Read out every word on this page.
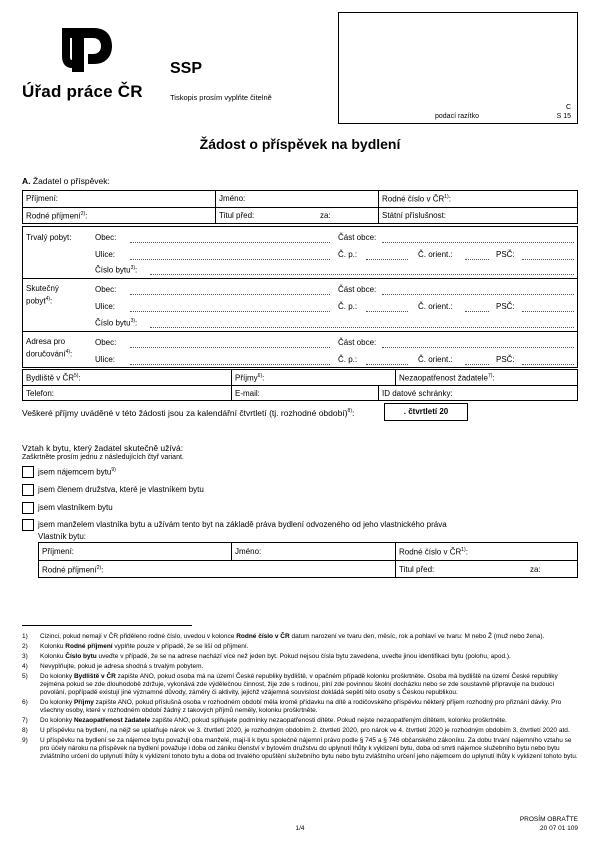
Úřad práce ČR
SSP
Tiskopis prosím vyplňte čitelně
podací razítko
C
S 15
Žádost o příspěvek na bydlení
A. Žadatel o příspěvek:
Příjmení:	Jméno:	Rodné číslo v ČR$^{1)}$:
Rodné příjmení$^{2)}$:	Titul před:	za:	Státní příslušnost:
Trvalý pobyt:	Obec:	Část obce:
Ulice:	Č. p.:	Č. orient.:	PSČ:
Číslo bytu$^{3)}$:
Skutečný
pobyt$^{4)}$:
Obec:	Část obce:
Ulice:	Č. p.:	Č. orient.:	PSČ:
Číslo bytu$^{3)}$:
Adresa pro
doručování$^{4)}$:
Obec:	Část obce:
Ulice:	Č. p.:	Č. orient.:	PSČ:
Bydliště v ČR$^{5)}$:	Příjmy$^{6)}$:	Nezaopatřenost žadatele$^{7)}$:
Telefon:	E-mail:	ID datové schránky:
Veškeré příjmy uváděné v této žádosti jsou za kalendářní čtvrtletí (tj. rozhodné období)$^{8)}$:	. čtvrtletí 20
Vztah k bytu, který žadatel skutečně užívá:
Zaškrtněte prosím jednu z následujících čtyř variant.
jsem nájemcem bytu$^{9)}$
jsem členem družstva, které je vlastníkem bytu
jsem vlastníkem bytu
jsem manželem vlastníka bytu a užívám tento byt na základě práva bydlení odvozeného od jeho vlastnického práva
Vlastník bytu:
Příjmení:	Jméno:	Rodné číslo v ČR$^{1)}$:
Rodné příjmení$^{2)}$:	Titul před:	za:
1) Cizinci, pokud nemají v ČR přiděleno rodné číslo, uvedou v kolonce Rodné číslo v ČR datum narození ve tvaru den, měsíc, rok a pohlaví ve tvaru: M nebo Ž (muž nebo žena).
2) Kolonku Rodné příjmení vyplňte pouze v případě, že se liší od příjmení.
3) Kolonku Číslo bytu uveďte v případě, že se na adrese nachází více než jeden byt. Pokud nejsou čísla bytu zavedena, uveďte jinou identifikaci bytu (polohu, apod.).
4) Nevyplňujte, pokud je adresa shodná s trvalým pobytem.
5) Do kolonky Bydliště v ČR zapište ANO, pokud osoba má na území České republiky bydliště, v opačném případě kolonku proškrtněte. Osoba má bydliště na území České republiky zejména pokud se zde dlouhodobě zdržuje, vykonává zde výdělečnou činnost, žije zde s rodinou, plní zde povinnou školní docházku nebo se zde soustavně připravuje na budoucí povolání, popřípadě existují jiné významné důvody, záměry či aktivity, jejichž vzájemná souvislost dokládá sepětí této osoby s Českou republikou.
6) Do kolonky Příjmy zapište ANO, pokud příslušná osoba v rozhodném období měla kromě přídavku na dítě a rodičovského příspěvku některý příjem rozhodný pro přiznání dávky. Pro všechny osoby, které v rozhodném období žádný z takových příjmů neměly, kolonku proškrtněte.
7) Do kolonky Nezaopatřenost žadatele zapište ANO, pokud splňujete podmínky nezaopatřenosti dítěte. Pokud nejste nezaopatřeným dítětem, kolonku proškrtněte.
8) U příspěvku na bydlení, na nějž se uplatňuje nárok ve 3. čtvrtletí 2020, je rozhodným obdobím 2. čtvrtletí 2020, pro nárok ve 4. čtvrtletí 2020 je rozhodným obdobím 3. čtvrtletí 2020 atd.
9) U příspěvku na bydlení se za nájemce bytu považují oba manželé, mají-li k bytu společné nájemní právo podle § 745 a § 746 občanského zákoníku. Za dobu trvání nájemního vztahu se pro účely nároku na příspěvek na bydlení považuje i doba od zániku členství v bytovém družstvu do uplynutí lhůty k vyklizení bytu, doba od smrti nájemce služebního bytu nebo bytu zvláštního určení do uplynutí lhůty k vyklizení tohoto bytu a doba od trvalého opuštění služebního bytu nebo bytu zvláštního určení jeho nájemcem do uplynutí lhůty k vyklizení tohoto bytu.
PROSÍM OBRAŤTE
1/4	20 07 01 109
